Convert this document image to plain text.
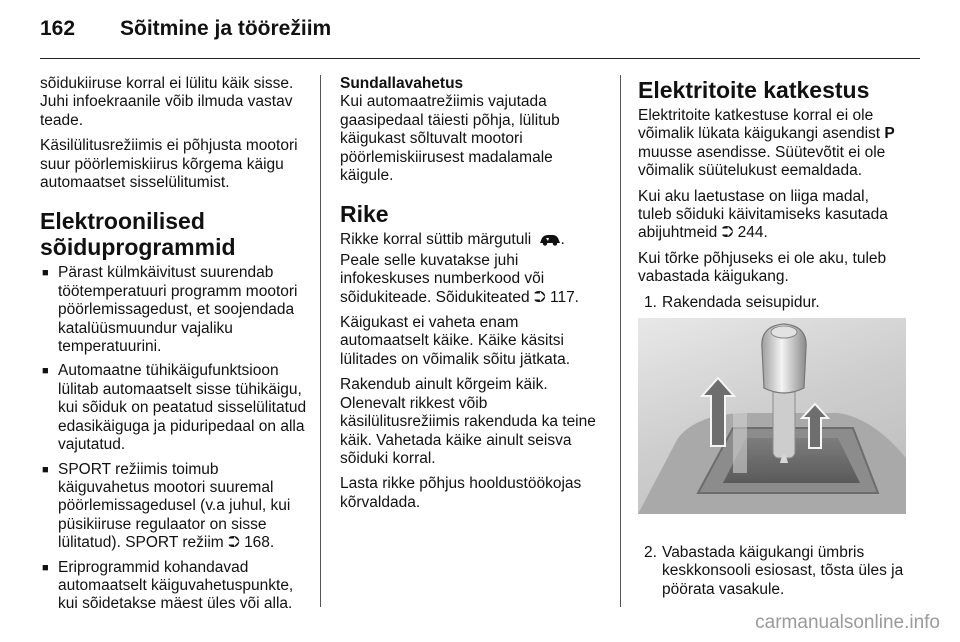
162 Sõitmine ja töörežiim

sõidukiiruse korral ei lülitu käik sisse. Juhi infoekraanile võib ilmuda vastav teade.

Käsilülitusrežiimis ei põhjusta mootori suur pöörlemiskiirus kõrgema käigu automaatset sisselülitumist.

Elektroonilised sõiduprogrammid
■ Pärast külmkäivitust suurendab töötemperatuuri programm mootori pöörlemissagedust, et soojendada katalüüsmuundur vajaliku temperatuurini.
■ Automaatne tühikäigufunktsioon lülitab automaatselt sisse tühikäigu, kui sõiduk on peatatud sisselülitatud edasikäiguga ja piduripedaal on alla vajutatud.
■ SPORT režiimis toimub käiguvahetus mootori suuremal pöörlemissagedusel (v.a juhul, kui püsikiiruse regulaator on sisse lülitatud). SPORT režiim ⮊ 168.
■ Eriprogrammid kohandavad automaatselt käiguvahetuspunkte, kui sõidetakse mäest üles või alla.
Sundallavahetus

Kui automaatrežiimis vajutada gaasipedaal täiesti põhja, lülitub käigukast sõltuvalt mootori pöörlemiskiirusest madalamale käigule.

Rike

Rikke korral süttib märgutuli .
Peale selle kuvatakse juhi infokeskuses numberkood või sõidukiteade. Sõidukiteated ⮊ 117.

Käigukast ei vaheta enam automaatselt käike. Käike käsitsi lülitades on võimalik sõitu jätkata.

Rakendub ainult kõrgeim käik. Olenevalt rikkest võib käsilülitusrežiimis rakenduda ka teine käik. Vahetada käike ainult seisva sõiduki korral.

Lasta rikke põhjus hooldustöökojas kõrvaldada.

Elektritoite katkestus

Elektritoite katkestuse korral ei ole võimalik lükata käigukangi asendist P muusse asendisse. Süütevõtit ei ole võimalik süütelukust eemaldada.

Kui aku laetustase on liiga madal, tuleb sõiduki käivitamiseks kasutada abijuhtmeid ⮊ 244.

Kui tõrke põhjuseks ei ole aku, tuleb vabastada käigukang.

1. Rakendada seisupidur.
2. Vabastada käigukangi ümbris keskkonsooli esiosast, tõsta üles ja pöörata vasakule.
carmanualsonline.info
